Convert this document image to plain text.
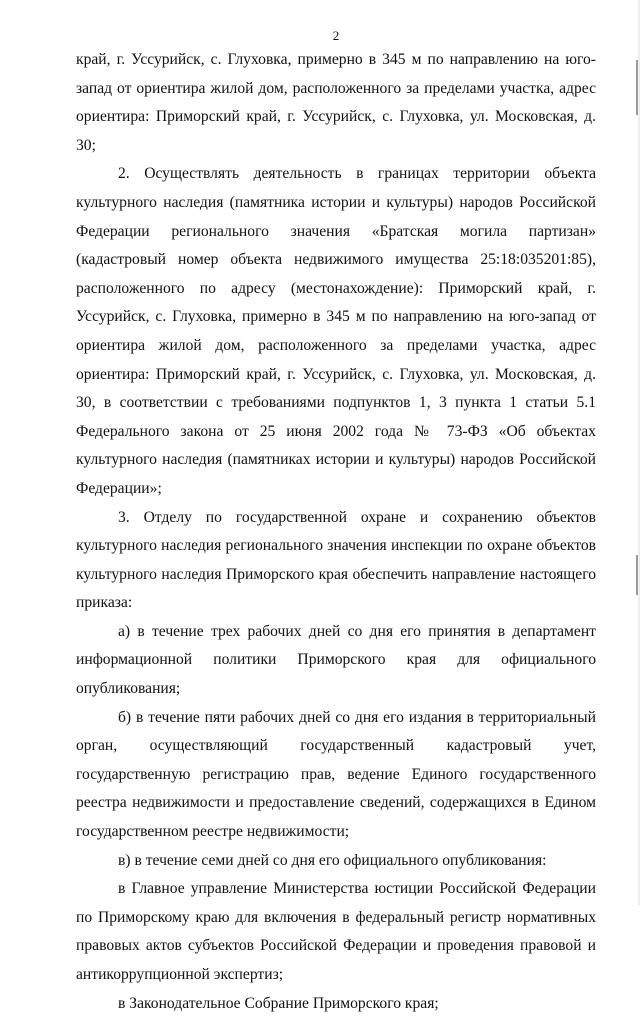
2

край, г. Уссурийск, с. Глуховка, примерно в 345 м по направлению на юго-запад от ориентира жилой дом, расположенного за пределами участка, адрес ориентира: Приморский край, г. Уссурийск, с. Глуховка, ул. Московская, д. 30;

2. Осуществлять деятельность в границах территории объекта культурного наследия (памятника истории и культуры) народов Российской Федерации регионального значения «Братская могила партизан» (кадастровый номер объекта недвижимого имущества 25:18:035201:85), расположенного по адресу (местонахождение): Приморский край, г. Уссурийск, с. Глуховка, примерно в 345 м по направлению на юго-запад от ориентира жилой дом, расположенного за пределами участка, адрес ориентира: Приморский край, г. Уссурийск, с. Глуховка, ул. Московская, д. 30, в соответствии с требованиями подпунктов 1, 3 пункта 1 статьи 5.1 Федерального закона от 25 июня 2002 года № 73-ФЗ «Об объектах культурного наследия (памятниках истории и культуры) народов Российской Федерации»;

3. Отделу по государственной охране и сохранению объектов культурного наследия регионального значения инспекции по охране объектов культурного наследия Приморского края обеспечить направление настоящего приказа:

а) в течение трех рабочих дней со дня его принятия в департамент информационной политики Приморского края для официального опубликования;

б) в течение пяти рабочих дней со дня его издания в территориальный орган, осуществляющий государственный кадастровый учет, государственную регистрацию прав, ведение Единого государственного реестра недвижимости и предоставление сведений, содержащихся в Едином государственном реестре недвижимости;

в) в течение семи дней со дня его официального опубликования:

в Главное управление Министерства юстиции Российской Федерации по Приморскому краю для включения в федеральный регистр нормативных правовых актов субъектов Российской Федерации и проведения правовой и антикоррупционной экспертиз;

в Законодательное Собрание Приморского края;
